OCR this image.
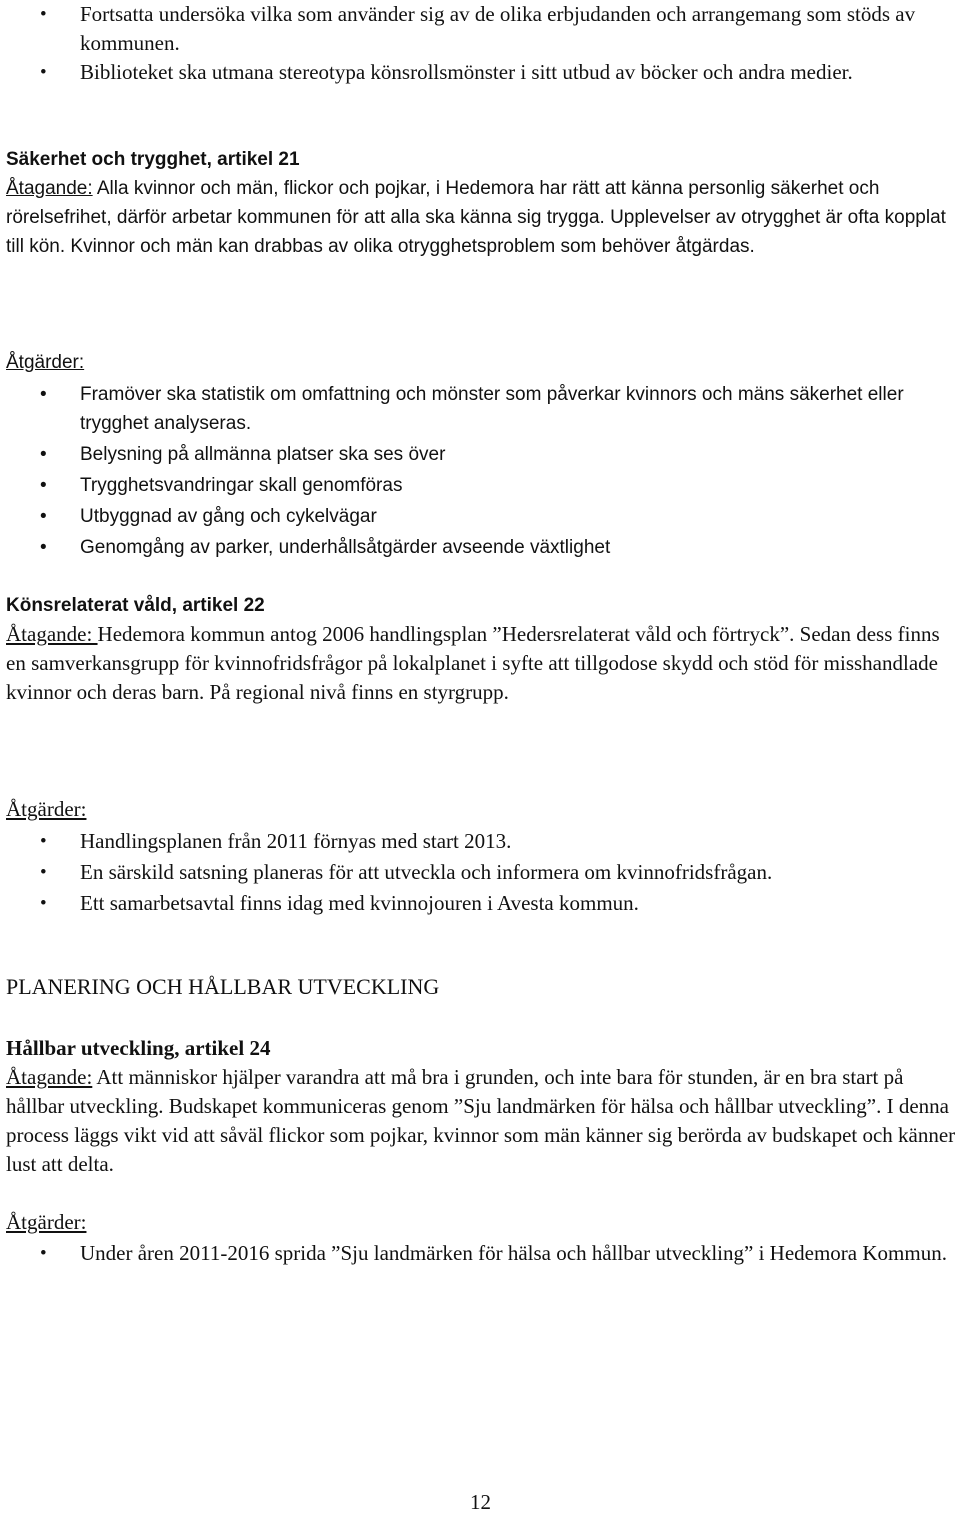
• Fortsatta undersöka vilka som använder sig av de olika erbjudanden och arrangemang som stöds av kommunen.
• Biblioteket ska utmana stereotypa könsrollsmönster i sitt utbud av böcker och andra medier.
Säkerhet och trygghet, artikel 21
Åtagande: Alla kvinnor och män, flickor och pojkar, i Hedemora har rätt att känna personlig säkerhet och rörelsefrihet, därför arbetar kommunen för att alla ska känna sig trygga. Upplevelser av otrygghet är ofta kopplat till kön. Kvinnor och män kan drabbas av olika otrygghetsproblem som behöver åtgärdas.
Åtgärder:
• Framöver ska statistik om omfattning och mönster som påverkar kvinnors och mäns säkerhet eller trygghet analyseras.
• Belysning på allmänna platser ska ses över
• Trygghetsvandringar skall genomföras
• Utbyggnad av gång och cykelvägar
• Genomgång av parker, underhållsåtgärder avseende växtlighet
Könsrelaterat våld, artikel 22
Åtagande: Hedemora kommun antog 2006 handlingsplan ”Hedersrelaterat våld och förtryck”. Sedan dess finns en samverkansgrupp för kvinnofridsfrågor på lokalplanet i syfte att tillgodose skydd och stöd för misshandlade kvinnor och deras barn. På regional nivå finns en styrgrupp.
Åtgärder:
• Handlingsplanen från 2011 förnyas med start 2013.
• En särskild satsning planeras för att utveckla och informera om kvinnofridsfrågan.
• Ett samarbetsavtal finns idag med kvinnojouren i Avesta kommun.
PLANERING OCH HÅLLBAR UTVECKLING
Hållbar utveckling, artikel 24
Åtagande: Att människor hjälper varandra att må bra i grunden, och inte bara för stunden, är en bra start på hållbar utveckling. Budskapet kommuniceras genom ”Sju landmärken för hälsa och hållbar utveckling”. I denna process läggs vikt vid att såväl flickor som pojkar, kvinnor som män känner sig berörda av budskapet och känner lust att delta.
Åtgärder:
• Under åren 2011-2016 sprida ”Sju landmärken för hälsa och hållbar utveckling” i Hedemora Kommun.
12
